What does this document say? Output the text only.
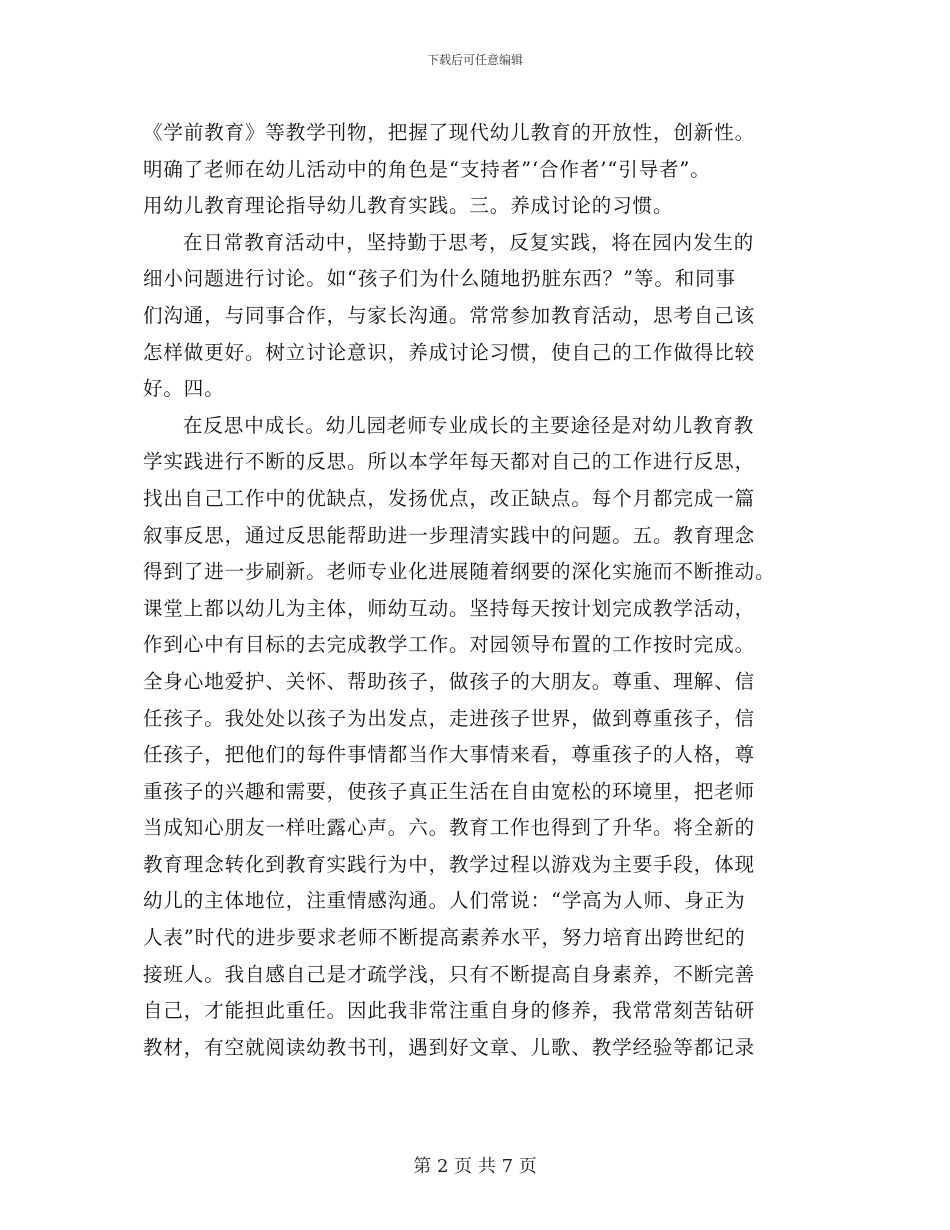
下载后可任意编辑
《学前教育》等教学刊物，把握了现代幼儿教育的开放性，创新性。
明确了老师在幼儿活动中的角色是“支持者”‘合作者’“引导者”。
用幼儿教育理论指导幼儿教育实践。三。养成讨论的习惯。
在日常教育活动中，坚持勤于思考，反复实践，将在园内发生的
细小问题进行讨论。如“孩子们为什么随地扔脏东西？”等。和同事
们沟通，与同事合作，与家长沟通。常常参加教育活动，思考自己该
怎样做更好。树立讨论意识，养成讨论习惯，使自己的工作做得比较
好。四。
在反思中成长。幼儿园老师专业成长的主要途径是对幼儿教育教
学实践进行不断的反思。所以本学年每天都对自己的工作进行反思，
找出自己工作中的优缺点，发扬优点，改正缺点。每个月都完成一篇
叙事反思，通过反思能帮助进一步理清实践中的问题。五。教育理念
得到了进一步刷新。老师专业化进展随着纲要的深化实施而不断推动。
课堂上都以幼儿为主体，师幼互动。坚持每天按计划完成教学活动，
作到心中有目标的去完成教学工作。对园领导布置的工作按时完成。
全身心地爱护、关怀、帮助孩子，做孩子的大朋友。尊重、理解、信
任孩子。我处处以孩子为出发点，走进孩子世界，做到尊重孩子，信
任孩子，把他们的每件事情都当作大事情来看，尊重孩子的人格，尊
重孩子的兴趣和需要，使孩子真正生活在自由宽松的环境里，把老师
当成知心朋友一样吐露心声。六。教育工作也得到了升华。将全新的
教育理念转化到教育实践行为中，教学过程以游戏为主要手段，体现
幼儿的主体地位，注重情感沟通。人们常说：“学高为人师、身正为
人表”时代的进步要求老师不断提高素养水平，努力培育出跨世纪的
接班人。我自感自己是才疏学浅，只有不断提高自身素养，不断完善
自己，才能担此重任。因此我非常注重自身的修养，我常常刻苦钻研
教材，有空就阅读幼教书刊，遇到好文章、儿歌、教学经验等都记录
第 2 页 共 7 页
